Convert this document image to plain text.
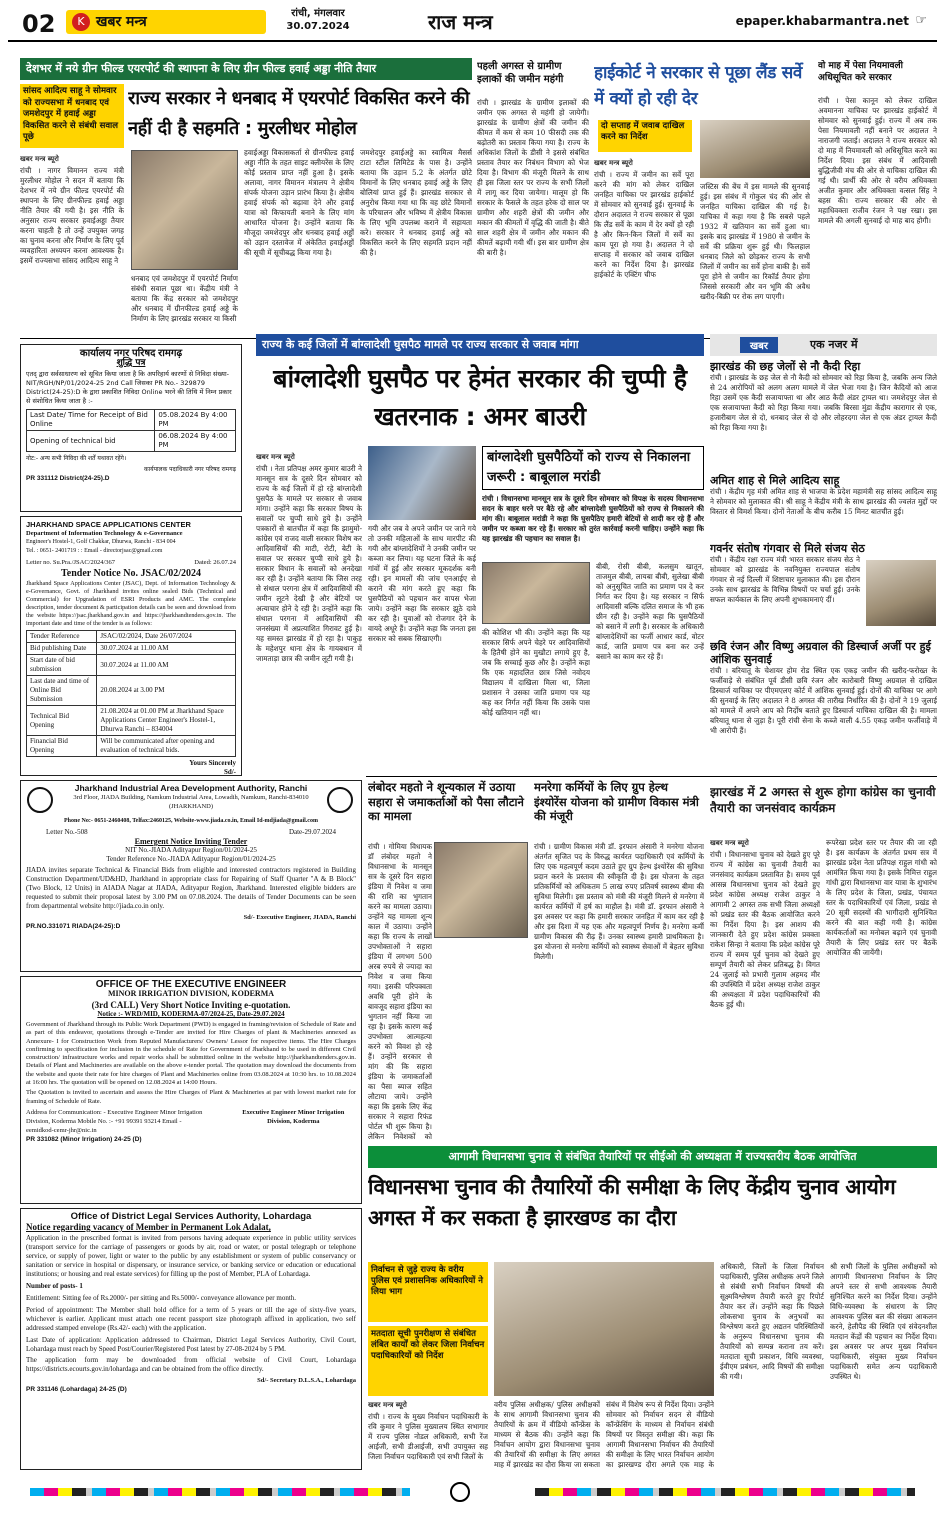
02	K खबर मन्त्र
रांची, मंगलवार
30.07.2024	राज मन्त्र	epaper.khabarmantra.net ☞
देशभर में नये ग्रीन फील्ड एयरपोर्ट की स्थापना के लिए ग्रीन फील्ड हवाई अड्डा नीति तैयार
सांसद आदित्य साहू ने सोमवार को राज्यसभा में धनबाद एवं जमशेदपुर में हवाई अड्डा विकसित करने से संबंधी सवाल पूछे
राज्य सरकार ने धनबाद में एयरपोर्ट विकसित करने की नहीं दी है सहमति : मुरलीधर मोहोल
खबर मन्त्र ब्यूरो
रांची । नागर विमानन राज्य मंत्री मुरलीधर मोहोल ने सदन में बताया कि देशभर में नये ग्रीन फील्ड एयरपोर्ट की स्थापना के लिए ग्रीनफील्ड हवाई अड्डा नीति तैयार की गयी है। इस नीति के अनुसार राज्य सरकार हवाईअड्डा तैयार करना चाहती है तो उन्हें उपयुक्त जगह का चुनाव करना और निर्माण के लिए पूर्व व्यवहारिता अध्ययन करना आवश्यक है। इसमें राज्यसभा सांसद आदित्य साहू ने
धनबाद एवं जमशेदपुर में एयरपोर्ट निर्माण संबंधी सवाल पूछा था। केंद्रीय मंत्री ने बताया कि केंद्र सरकार को जमशेदपुर और धनबाद में ग्रीनफील्ड हवाई अड्डे के निर्माण के लिए झारखंड सरकार या किसी
हवाईअड्डा विकासकर्ता से ग्रीनफील्ड हवाई अड्डा नीति के तहत साइट क्लीयरेंस के लिए कोई प्रस्ताव प्राप्त नहीं हुआ है। इसके अलावा, नागर विमानन मंत्रालय ने क्षेत्रीय संपर्क योजना उड़ान प्रारंभ किया है। क्षेत्रीय हवाई संपर्क को बढ़ावा देने और हवाई यात्रा को किफायती बनाने के लिए मांग आधारित योजना है। उन्होंने बताया कि मौजूदा जमशेदपुर और धनबाद हवाई अड्डों को उड़ान दस्तावेज में अंकेतित हवाईअड्डों की सूची में सूचीबद्ध किया गया है।
जमशेदपुर हवाईअड्डे का स्वामित्व मैसर्स टाटा स्टील लिमिटेड के पास है। उन्होंने बताया कि उड़ान 5.2 के अंतर्गत छोटे विमानों के लिए धनबाद हवाई अड्डे के लिए बोलियां प्राप्त हुई हैं। झारखंड सरकार से अनुरोध किया गया था कि वह छोटे विमानों के परिचालन और भविष्य में क्षेत्रीय विकास के लिए भूमि उपलब्ध कराने में सहायता करे। सरकार ने धनबाद हवाई अड्डे को विकसित करने के लिए सहमति प्रदान नहीं की है।
पहली अगस्त से ग्रामीण इलाकों की जमीन महंगी
रांची । झारखंड के ग्रामीण इलाकों की जमीन एक अगस्त से महंगी हो जायेगी। झारखंड के ग्रामीण क्षेत्रों की जमीन की कीमत में कम से कम 10 फीसदी तक की बढ़ोतरी का प्रस्ताव किया गया है। राज्य के अधिकांश जिलों के डीसी ने इससे संबंधित प्रस्ताव तैयार कर निबंधन विभाग को भेज दिया है। विभाग की मंजूरी मिलने के साथ ही इस जिला स्तर पर राज्य के सभी जिलों में लागू कर दिया जायेगा। मालूम हो कि सरकार के फैसले के तहत हरेक दो साल पर ग्रामीण और शहरी क्षेत्रों की जमीन और मकान की कीमतों में वृद्धि की जाती है। बीते साल शहरी क्षेत्र में जमीन और मकान की कीमतें बढ़ायी गयी थीं। इस बार ग्रामीण क्षेत्र की बारी है।
हाईकोर्ट ने सरकार से पूछा लैंड सर्वे में क्यों हो रही देर
दो सप्ताह में जवाब दाखिल करने का निर्देश
खबर मन्त्र ब्यूरो
रांची । राज्य में जमीन का सर्वे पूरा करने की मांग को लेकर दाखिल जनहित याचिका पर झारखंड हाईकोर्ट में सोमवार को सुनवाई हुई। सुनवाई के दौरान अदालत ने राज्य सरकार से पूछा कि लैंड सर्वे के काम में देर क्यों हो रही है और किन-किन जिलों में सर्वे का काम पूरा हो गया है। अदालत ने दो सप्ताह में सरकार को जवाब दाखिल करने का निर्देश दिया है। झारखंड हाईकोर्ट के एक्टिंग चीफ
जस्टिस की बेंच में इस मामले की सुनवाई हुई। इस संबंध में गोकुल चंद की ओर से जनहित याचिका दाखिल की गई है। याचिका में कहा गया है कि सबसे पहले 1932 में खतियान का सर्वे हुआ था। इसके बाद झारखंड में 1980 से जमीन के सर्वे की प्रक्रिया शुरू हुई थी। फिलहाल धनबाद जिले को छोड़कर राज्य के सभी जिलों में जमीन का सर्वे होना बाकी है। सर्वे पूरा होने से जमीन का रिकॉर्ड तैयार होगा जिससे सरकारी और वन भूमि की अवैध खरीद-बिक्री पर रोक लग पाएगी।
वो माह में पेसा नियमावली अधिसूचित करे सरकार
रांची । पेसा कानून को लेकर दाखिल अवमानना याचिका पर झारखंड हाईकोर्ट में सोमवार को सुनवाई हुई। राज्य में अब तक पेसा नियमावली नहीं बनाने पर अदालत ने नाराजगी जताई। अदालत ने राज्य सरकार को दो माह में नियमावली को अधिसूचित करने का निर्देश दिया। इस संबंध में आदिवासी बुद्धिजीवी मंच की ओर से याचिका दाखिल की गई थी। प्रार्थी की ओर से वरीय अधिवक्ता अजीत कुमार और अधिवक्ता वत्सल सिंह ने बहस की। राज्य सरकार की ओर से महाधिवक्ता राजीव रंजन ने पक्ष रखा। इस मामले की अगली सुनवाई दो माह बाद होगी।
कार्यालय नगर परिषद रामगढ़
शुद्धि पत्र
एतद् द्वारा सर्वसाधारण को सूचित किया जाता है कि अपरिहार्य कारणों से निविदा संख्या-NIT/RGH/NP/01/2024-25 2nd Call जिसका PR No.- 329879 District(24-25):D के द्वारा प्रकाशित निविदा Online भरने की तिथि में निम्न प्रकार से संशोधित किया जाता है :-
Last Date/ Time for Receipt of Bid Online	05.08.2024 By 4:00 PM
Opening of technical bid	06.08.2024 By 4:00 PM
नोट:- अन्य सभी निविदा की शर्तें यथावत रहेंगे।
कार्यपालक पदाधिकारी नगर परिषद रामगढ़
PR 331112 District(24-25).D
JHARKHAND SPACE APPLICATIONS CENTER
Department of Information Technology & e-Governance
Engineer's Hostel-1, Golf Chakkar, Dhurwa, Ranchi - 834 004
Tel. : 0651- 2401719 : : Email - directorjsac@gmail.com
Letter no. Su.Pra./JSAC/2024/367	Dated: 26.07.24
Tender Notice No. JSAC/02/2024
Jharkhand Space Applications Center (JSAC), Dept. of Information Technology & e-Governance, Govt. of Jharkhand invites online sealed Bids (Technical and Commercial) for Upgradation of ESRI Products and AMC. The complete description, tender document & participation details can be seen and download from the website https://jsac.jharkhand.gov.in and https://jharkhandtenders.gov.in. The important date and time of the tender is as follows:
Tender Reference	JSAC/02/2024, Date 26/07/2024
Bid publishing Date	30.07.2024 at 11.00 AM
Start date of bid submission	30.07.2024 at 11.00 AM
Last date and time of Online Bid Submission	20.08.2024 at 3.00 PM
Technical Bid Opening	21.08.2024 at 01.00 PM at Jharkhand Space Applications Center Engineer's Hostel-1, Dhurwa Ranchi – 834004
Financial Bid Opening	Will be communicated after opening and evaluation of technical bids.
Yours Sincerely
Sd/-
Jharkhand Industrial Area Development Authority, Ranchi
3rd Floor, JIADA Building, Namkum Industrial Area, Lowadih, Namkum, Ranchi-834010 (JHARKHAND)
Phone No:- 0651-2460408, Telfax:2460125, Website-www.jiada.co.in, Email Id-mdjiada@gmail.com
Letter No.-508	Date-29.07.2024
Emergent Notice Inviting Tender
NIT No.-JIADA Adityapur Region/01/2024-25
Tender Reference No.-JIADA Adityapur Region/01/2024-25
JIADA invites separate Technical & Financial Bids from eligible and interested contractors registered in Building Construction Department/UD&HD, Jharkhand in appropriate class for Repairing of Staff Quarter "A & B Block" (Two Block, 12 Units) in AIADA Nagar at JIADA, Adityapur Region, Jharkhand. Interested eligible bidders are requested to submit their proposal latest by 3.00 PM on 07.08.2024. The details of Tender Documents can be seen from departmental website http://jiada.co.in only.
Sd/- Executive Engineer, JIADA, Ranchi
PR.NO.331071 RIADA(24-25):D
OFFICE OF THE EXECUTIVE ENGINEER
MINOR IRRIGATION DIVISION, KODERMA
(3rd CALL) Very Short Notice Inviting e-quotation.
Notice :- WRD/MID, KODERMA-07/2024-25, Date-29.07.2024
Government of Jharkhand through its Public Work Department (PWD) is engaged in framing/revision of Schedule of Rate and as part of this endeavor, quotations through e-Tender are invited for Hire Charges of plant & Machineries annexed as Annexure- I for Construction Work from Reputed Manufacturers/ Owners/ Lessor for respective items. The Hire Charges confirming to specification for inclusion in the schedule of Rate for Government of Jharkhand to be used in different Civil construction/ infrastructure works and repair works shall be submitted online in the website http://jharkhandtenders.gov.in. Details of Plant and Machineries are available on the above e-tender portal. The quotation may download the documents from the website and quote their rate for hire charges of Plant and Machineries online from 03.08.2024 at 10:30 hrs. to 10.08.2024 at 16:00 hrs. The quotation will be opened on 12.08.2024 at 14:00 Hours.
The Quotation is invited to ascertain and assess the Hire Charges of Plant & Machineries at par with lowest market rate for framing of Schedule of Rate.
Address for Communication: - Executive Engineer Minor Irrigation Division, Koderma Mobile No. :- +91 99391 93214 Email - eemidkod-cemr-jhr@nic.in
Executive Engineer Minor Irrigation Division, Koderma
PR 331082 (Minor Irrigation) 24-25 (D)
Office of District Legal Services Authority, Lohardaga
Notice regarding vacancy of Member in Permanent Lok Adalat,
Application in the prescribed format is invited from persons having adequate experience in public utility services (transport service for the carriage of passengers or goods by air, road or water, or postal telegraph or telephone service, or supply of power, light or water to the public by any establishment or system of public conservancy or sanitation or service in hospital or dispensary, or insurance service, or banking service or education or educational institutions; or housing and real estate services) for filling up the post of Member, PLA of Lohardaga.
Number of posts- 1
Entitlement: Sitting fee of Rs.2000/- per sitting and Rs.5000/- conveyance allowance per month.
Period of appointment: The Member shall hold office for a term of 5 years or till the age of sixty-five years, whichever is earlier. Applicant must attach one recent passport size photograph affixed in application, two self addressed stamped envelope (Rs.42/- each) with the application.
Last Date of application: Application addressed to Chairman, District Legal Services Authority, Civil Court, Lohardaga must reach by Speed Post/Courier/Registered Post latest by 27-08-2024 by 5 PM.
The application form may be downloaded from official website of Civil Court, Lohardaga https://districts.ecourts.gov.in/lohardaga and can be obtained from the office directly.
Sd/- Secretary D.L.S.A., Lohardaga
PR 331146 (Lohardaga) 24-25 (D)
राज्य के कई जिलों में बांग्लादेशी घुसपैठ मामले पर राज्य सरकार से जवाब मांगा
बांग्लादेशी घुसपैठ पर हेमंत सरकार की चुप्पी है खतरनाक : अमर बाउरी
खबर मन्त्र ब्यूरो
रांची । नेता प्रतिपक्ष अमर कुमार बाउरी ने मानसून सत्र के दूसरे दिन सोमवार को राज्य के कई जिलों में हो रहे बांग्लादेशी घुसपैठ के मामले पर सरकार से जवाब मांगा। उन्होंने कहा कि सरकार विषय के सवालों पर चुप्पी साधे हुये है। उन्होंने पत्रकारों से बातचीत में कहा कि झामुमो-कांग्रेस एवं राजद वाली सरकार विशेष कर आदिवासियों की माटी, रोटी, बेटी के सवाल पर सरकार चुप्पी साधे हुये है। सरकार विधान के सवालों को अनदेखा कर रही है। उन्होंने बताया कि जिस तरह से संथाल परगना क्षेत्र में आदिवासियों की जमीन लूटने देखी है और बेटियों पर अत्याचार होने दे रही है। उन्होंने कहा कि संथाल परगना में आदिवासियों की जनसंख्या में अप्रत्याशित गिरावट हुई है। यह समस्त झारखंड में हो रहा है। पाकुड़ के महेशपुर थाना क्षेत्र के गायबथान में जामताड़ा छात्र की जमीन लूटी गयी है।
गयी और जब वे अपने जमीन पर जाने गये तो उनकी महिलाओं के साथ मारपीट की गयी और बांग्लादेशियों ने उनकी जमीन पर कब्जा कर लिया। यह घटना जिले के कई गांवों में हुई और सरकार मूकदर्शक बनी रही। इन मामलों की जांच एनआईए से कराने की मांग करते हुए कहा कि घुसपैठियों को पहचान कर वापस भेजा जाये। उन्होंने कहा कि सरकार झूठे दावे कर रही है। युवाओं को रोजगार देने के वायदे अधूरे हैं। उन्होंने कहा कि जनता इस सरकार को सबक सिखाएगी।
बांग्लादेशी घुसपैठियों को राज्य से निकालना जरूरी : बाबूलाल मरांडी
रांची । विधानसभा मानसून सत्र के दूसरे दिन सोमवार को विपक्ष के सदस्य विधानसभा सदन के बाहर धरने पर बैठे रहे और बांग्लादेशी घुसपैठियों को राज्य से निकालने की मांग की। बाबूलाल मरांडी ने कहा कि घुसपैठिए हमारी बेटियों से शादी कर रहे हैं और जमीन पर कब्जा कर रहे हैं। सरकार को तुरंत कार्रवाई करनी चाहिए। उन्होंने कहा कि यह झारखंड की पहचान का सवाल है।
की कोशिश भी की। उन्होंने कहा कि यह सरकार सिर्फ अपने चेहरे पर आदिवासियों के हितैषी होने का मुखौटा लगाये हुए है, जब कि सच्चाई कुछ और है। उन्होंने कहा कि एक महादलित छात्र जिसे नवोदय विद्यालय में दाखिला मिला था, जिला प्रशासन ने उसका जाति प्रमाण पत्र यह कह कर निर्गत नहीं किया कि उसके पास कोई खतियान नहीं था।
बीबी, रोसी बीबी, कलसुम खातून, ताजमुल बीबी, लायबा बीबी, सुलेखा बीबी को अनुसूचित जाति का प्रमाण पत्र दे कर निर्गत कर दिया है। यह सरकार न सिर्फ आदिवासी बल्कि दलित समाज के भी हक छीन रही है। उन्होंने कहा कि घुसपैठियों को बसाने में लगी है। सरकार के अधिकारी बांग्लादेशियों का फर्जी आधार कार्ड, वोटर कार्ड, जाति प्रमाण पत्र बना कर उन्हें बसाने का काम कर रहे हैं।
खबर	एक नजर में
झारखंड की छह जेलों से नौ कैदी रिहा
रांची । झारखंड के छह जेल से नौ कैदी को सोमवार को रिहा किया है, जबकि अन्य जिले से 24 आरोपियों को अलग अलग मामले में जेल भेजा गया है। जिन कैदियों को आज रिहा उसमें एक कैदी सजायाफ्ता था और आठ कैदी अंडर ट्रायल था। जमशेदपुर जेल से एक सजायाफ्ता कैदी को रिहा किया गया। जबकि बिरसा मुंडा केंद्रीय कारागार से एक, हजारीबाग जेल से दो, धनबाद जेल से दो और लोहरदगा जेल से एक अंडर ट्रायल कैदी को रिहा किया गया है।
अमित शाह से मिले आदित्य साहू
रांची । केंद्रीय गृह मंत्री अमित शाह से भाजपा के प्रदेश महामंत्री सह सांसद आदित्य साहू ने सोमवार को मुलाकात की। श्री साहू ने केंद्रीय मंत्री के साथ झारखंड की ज्वलंत मुद्दों पर विस्तार से विमर्श किया। दोनों नेताओं के बीच करीब 15 मिनट बातचीत हुई।
गवर्नर संतोष गंगवार से मिले संजय सेठ
रांची । केंद्रीय रक्षा राज्य मंत्री भारत सरकार संजय सेठ ने सोमवार को झारखंड के नवनियुक्त राज्यपाल संतोष गंगवार से नई दिल्ली में शिष्टाचार मुलाकात की। इस दौरान उनके साथ झारखंड के विभिन्न विषयों पर चर्चा हुई। उनके सफल कार्यकाल के लिए अपनी शुभकामनाएं दीं।
छवि रंजन और विष्णु अग्रवाल की डिस्चार्ज अर्जी पर हुई आंशिक सुनवाई
रांची । बरियातू के चेशायर होम रोड स्थित एक एकड़ जमीन की खरीद-फरोख्त के फर्जीवाड़े से संबंधित पूर्व डीसी छवि रंजन और कारोबारी विष्णु अग्रवाल से दाखिल डिस्चार्ज याचिका पर पीएमएलए कोर्ट में आंशिक सुनवाई हुई। दोनों की याचिका पर आगे की सुनवाई के लिए अदालत ने 8 अगस्त की तारीख निर्धारित की है। दोनों ने 19 जुलाई को मामले में अपने आप को निर्दोष बताते हुए डिस्चार्ज याचिका दाखिल की है। मामला बरियातू थाना से जुड़ा है। पूरी रांची सेना के कब्जे वाली 4.55 एकड़ जमीन फर्जीवाड़े में भी आरोपी हैं।
लंबोदर महतो ने शून्यकाल में उठाया सहारा से जमाकर्ताओं को पैसा लौटाने का मामला
रांची । गोमिया विधायक डॉ लंबोदर महतो ने विधानसभा के मानसून सत्र के दूसरे दिन सहारा इंडिया में निवेश व जमा की राशि का भुगतान करने का मामला उठाया। उन्होंने यह मामला शून्य काल में उठाया। उन्होंने कहा कि राज्य के लाखों उपभोक्ताओं ने सहारा इंडिया में लगभग 500 अरब रुपये से ज्यादा का निवेश व जमा किया गया। इसकी परिपक्वता अवधि पूरी होने के बावजूद सहारा इंडिया का भुगतान नहीं किया जा रहा है। इसके कारण कई उपभोक्ता आत्महत्या करने को विवश हो रहे हैं। उन्होंने सरकार से मांग की कि सहारा इंडिया के जमाकर्ताओं का पैसा ब्याज सहित लौटाया जाये। उन्होंने कहा कि इसके लिए केंद्र सरकार ने सहारा रिफंड पोर्टल भी शुरू किया है। लेकिन निवेशकों को
मनरेगा कर्मियों के लिए ग्रुप हेल्थ इंश्योरेंस योजना को ग्रामीण विकास मंत्री की मंजूरी
रांची । ग्रामीण विकास मंत्री डॉ. इरफान अंसारी ने मनरेगा योजना अंतर्गत सृजित पद के विरुद्ध कार्यरत पदाधिकारी एवं कर्मियों के लिए एक महत्वपूर्ण कदम उठाते हुए ग्रुप हेल्थ इंश्योरेंस की सुविधा प्रदान करने के प्रस्ताव की स्वीकृति दी है। इस योजना के तहत प्रतिकर्मियों को अधिकतम 5 लाख रुपए प्रतिवर्ष स्वास्थ्य बीमा की सुविधा मिलेगी। इस प्रस्ताव को मंत्री की मंजूरी मिलने से मनरेगा में कार्यरत कर्मियों में हर्ष का माहौल है। मंत्री डॉ. इरफान अंसारी ने इस अवसर पर कहा कि हमारी सरकार जनहित में काम कर रही है और इस दिशा में यह एक और महत्वपूर्ण निर्णय है। मनरेगा कर्मी ग्रामीण विकास की रीढ़ हैं। उनका स्वास्थ्य हमारी प्राथमिकता है। इस योजना से मनरेगा कर्मियों को स्वास्थ्य सेवाओं में बेहतर सुविधा मिलेगी।
झारखंड में 2 अगस्त से शुरू होगा कांग्रेस का चुनावी तैयारी का जनसंवाद कार्यक्रम
खबर मन्त्र ब्यूरो
रांची । विधानसभा चुनाव को देखते हुए पूरे राज्य में कांग्रेस का चुनावी तैयारी का जनसंवाद कार्यक्रम प्रस्तावित है। समय पूर्व आसन्न विधानसभा चुनाव को देखते हुए प्रदेश कांग्रेस अध्यक्ष राजेश ठाकुर ने आगामी 2 अगस्त तक सभी जिला अध्यक्षों को प्रखंड स्तर की बैठक आयोजित करने का निर्देश दिया है। इस आशय की जानकारी देते हुए प्रदेश कांग्रेस प्रवक्ता राकेश सिन्हा ने बताया कि प्रदेश कांग्रेस पूरे राज्य में समय पूर्व चुनाव को देखते हुए सम्पूर्ण तैयारी को लेकर प्रतिबद्ध है। विगत 24 जुलाई को प्रभारी गुलाम अहमद मीर की उपस्थिति में प्रदेश अध्यक्ष राजेश ठाकुर की अध्यक्षता में प्रदेश पदाधिकारियों की बैठक हुई थी।
रूपरेखा प्रदेश स्तर पर तैयार की जा रही है। इस कार्यक्रम के अंतर्गत प्रथम सत्र में झारखंड प्रदेश नेता प्रतिपक्ष राहुल गांधी को आमंत्रित किया गया है। इसके निमित्त राहुल गांधी द्वारा विधानसभा वार यात्रा के शुभारंभ के लिए प्रदेश के जिला, प्रखंड, पंचायत स्तर के पदाधिकारियों एवं जिला, प्रखंड से 20 सूत्री सदस्यों की भागीदारी सुनिश्चित करने की बात कही गयी है। कांग्रेस कार्यकर्ताओं का मनोबल बढ़ाने एवं चुनावी तैयारी के लिए प्रखंड स्तर पर बैठकें आयोजित की जायेंगी।
आगामी विधानसभा चुनाव से संबंधित तैयारियों पर सीईओ की अध्यक्षता में राज्यस्तरीय बैठक आयोजित
विधानसभा चुनाव की तैयारियों की समीक्षा के लिए केंद्रीय चुनाव आयोग अगस्त में कर सकता है झारखण्ड का दौरा
निर्वाचन से जुड़े राज्य के वरीय पुलिस एवं प्रशासनिक अधिकारियों ने लिया भाग
मतदाता सूची पुनरीक्षण से संबंधित लंबित कार्यों को लेकर जिला निर्वाचन पदाधिकारियों को निर्देश
खबर मन्त्र ब्यूरो
रांची । राज्य के मुख्य निर्वाचन पदाधिकारी के रवि कुमार ने पुलिस मुख्यालय स्थित सभागार में राज्य पुलिस नोडल अधिकारी, सभी रेंज आईजी, सभी डीआईजी, सभी उपायुक्त सह जिला निर्वाचन पदाधिकारी एवं सभी जिलों के
वरीय पुलिस अधीक्षक/ पुलिस अधीक्षकों के साथ आगामी विधानसभा चुनाव की तैयारियों के क्रम में वीडियो कॉन्फ्रेंस के माध्यम से बैठक की। उन्होंने कहा कि निर्वाचन आयोग द्वारा विधानसभा चुनाव की तैयारियों की समीक्षा के लिए अगस्त माह में झारखंड का दौरा किया जा सकता
संबंध में विशेष रूप से निर्देश दिया। उन्होंने सोमवार को निर्वाचन सदन से वीडियो कॉन्फ्रेंसिंग के माध्यम से निर्वाचन संबंधी विषयों पर विस्तृत समीक्षा की। कहा कि आगामी विधानसभा निर्वाचन की तैयारियों की समीक्षा के लिए भारत निर्वाचन आयोग का झारखण्ड दौरा अगले एक माह के
अधिकारी, जिलों के जिला निर्वाचन पदाधिकारी, पुलिस अधीक्षक अपने जिले से संबंधी सभी निर्वाचन विषयों की सूक्ष्मविश्लेषण तैयारी करते हुए रिपोर्ट तैयार कर लें। उन्होंने कहा कि पिछले लोकसभा चुनाव के अनुभवों का विश्लेषण करते हुए अद्यतन परिस्थितियों के अनुरूप विधानसभा चुनाव की तैयारियों को सम्पन्न कराना तय करें। मतदाता सूची प्रकाशन, विधि व्यवस्था, ईवीएम प्रबंधन, आदि विषयों की समीक्षा की गयी।
श्री सभी जिलों के पुलिस अधीक्षकों को आगामी विधानसभा निर्वाचन के लिए अपने स्तर से सभी आवश्यक तैयारी सुनिश्चित करने का निर्देश दिया। उन्होंने विधि-व्यवस्था के संधारण के लिए आवश्यक पुलिस बल की संख्या आकलन करने, हेलीपैड की स्थिति एवं संवेदनशील मतदान केंद्रों की पहचान का निर्देश दिया। इस अवसर पर अपर मुख्य निर्वाचन पदाधिकारी, संयुक्त मुख्य निर्वाचन पदाधिकारी समेत अन्य पदाधिकारी उपस्थित थे।
